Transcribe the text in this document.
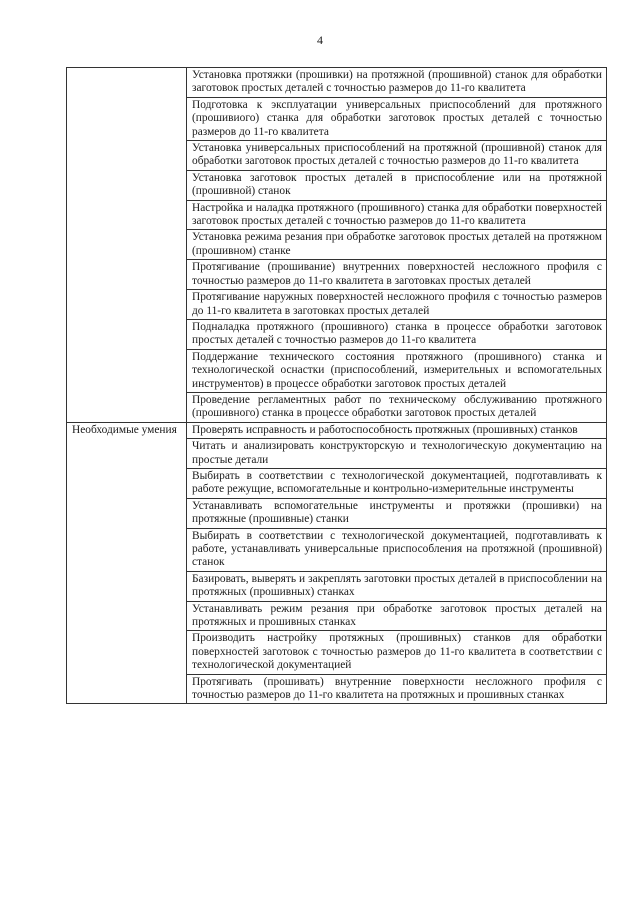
4
	Установка протяжки (прошивки) на протяжной (прошивной) станок для обработки заготовок простых деталей с точностью размеров до 11-го квалитета
	Подготовка к эксплуатации универсальных приспособлений для протяжного (прошивиого) станка для обработки заготовок простых деталей с точностью размеров до 11-го квалитета
	Установка универсальных приспособлений на протяжной (прошивной) станок для обработки заготовок простых деталей с точностью размеров до 11-го квалитета
	Установка заготовок простых деталей в приспособление или на протяжной (прошивной) станок
	Настройка и наладка протяжного (прошивного) станка для обработки поверхностей заготовок простых деталей с точностью размеров до 11-го квалитета
	Установка режима резания при обработке заготовок простых деталей на протяжном (прошивном) станке
	Протягивание (прошивание) внутренних поверхностей несложного профиля с точностью размеров до 11-го квалитета в заготовках простых деталей
	Протягивание наружных поверхностей несложного профиля с точностью размеров до 11-го квалитета в заготовках простых деталей
	Подналадка протяжного (прошивного) станка в процессе обработки заготовок простых деталей с точностью размеров до 11-го квалитета
	Поддержание технического состояния протяжного (прошивного) станка и технологической оснастки (приспособлений, измерительных и вспомогательных инструментов) в процессе обработки заготовок простых деталей
	Проведение регламентных работ по техническому обслуживанию протяжного (прошивного) станка в процессе обработки заготовок простых деталей

Необходимые умения	Проверять исправность и работоспособность протяжных (прошивных) станков
	Читать и анализировать конструкторскую и технологическую документацию на простые детали
	Выбирать в соответствии с технологической документацией, подготавливать к работе режущие, вспомогательные и контрольно-измерительные инструменты
	Устанавливать вспомогательные инструменты и протяжки (прошивки) на протяжные (прошивные) станки
	Выбирать в соответствии с технологической документацией, подготавливать к работе, устанавливать универсальные приспособления на протяжной (прошивной) станок
	Базировать, выверять и закреплять заготовки простых деталей в приспособлении на протяжных (прошивных) станках
	Устанавливать режим резания при обработке заготовок простых деталей на протяжных и прошивных станках
	Производить настройку протяжных (прошивных) станков для обработки поверхностей заготовок с точностью размеров до 11-го квалитета в соответствии с технологической документацией
	Протягивать (прошивать) внутренние поверхности несложного профиля с точностью размеров до 11-го квалитета на протяжных и прошивных станках
